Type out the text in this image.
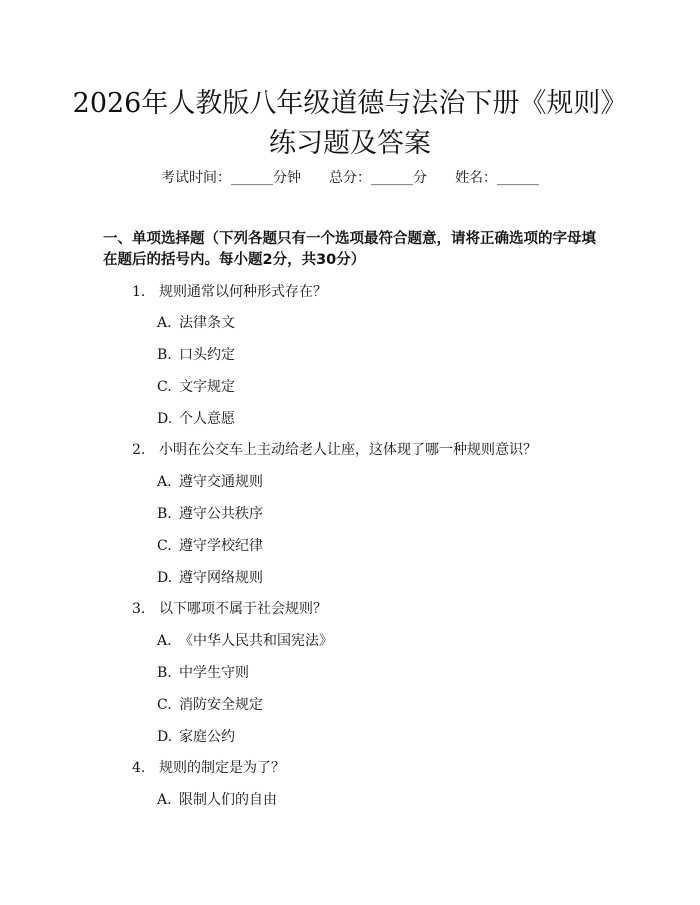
2026年人教版八年级道德与法治下册《规则》练习题及答案
考试时间：______分钟 总分：______分 姓名：______
一、单项选择题（下列各题只有一个选项最符合题意，请将正确选项的字母填在题后的括号内。每小题2分，共30分）
1. 规则通常以何种形式存在？
A. 法律条文
B. 口头约定
C. 文字规定
D. 个人意愿
2. 小明在公交车上主动给老人让座，这体现了哪一种规则意识？
A. 遵守交通规则
B. 遵守公共秩序
C. 遵守学校纪律
D. 遵守网络规则
3. 以下哪项不属于社会规则？
A. 《中华人民共和国宪法》
B. 中学生守则
C. 消防安全规定
D. 家庭公约
4. 规则的制定是为了？
A. 限制人们的自由
